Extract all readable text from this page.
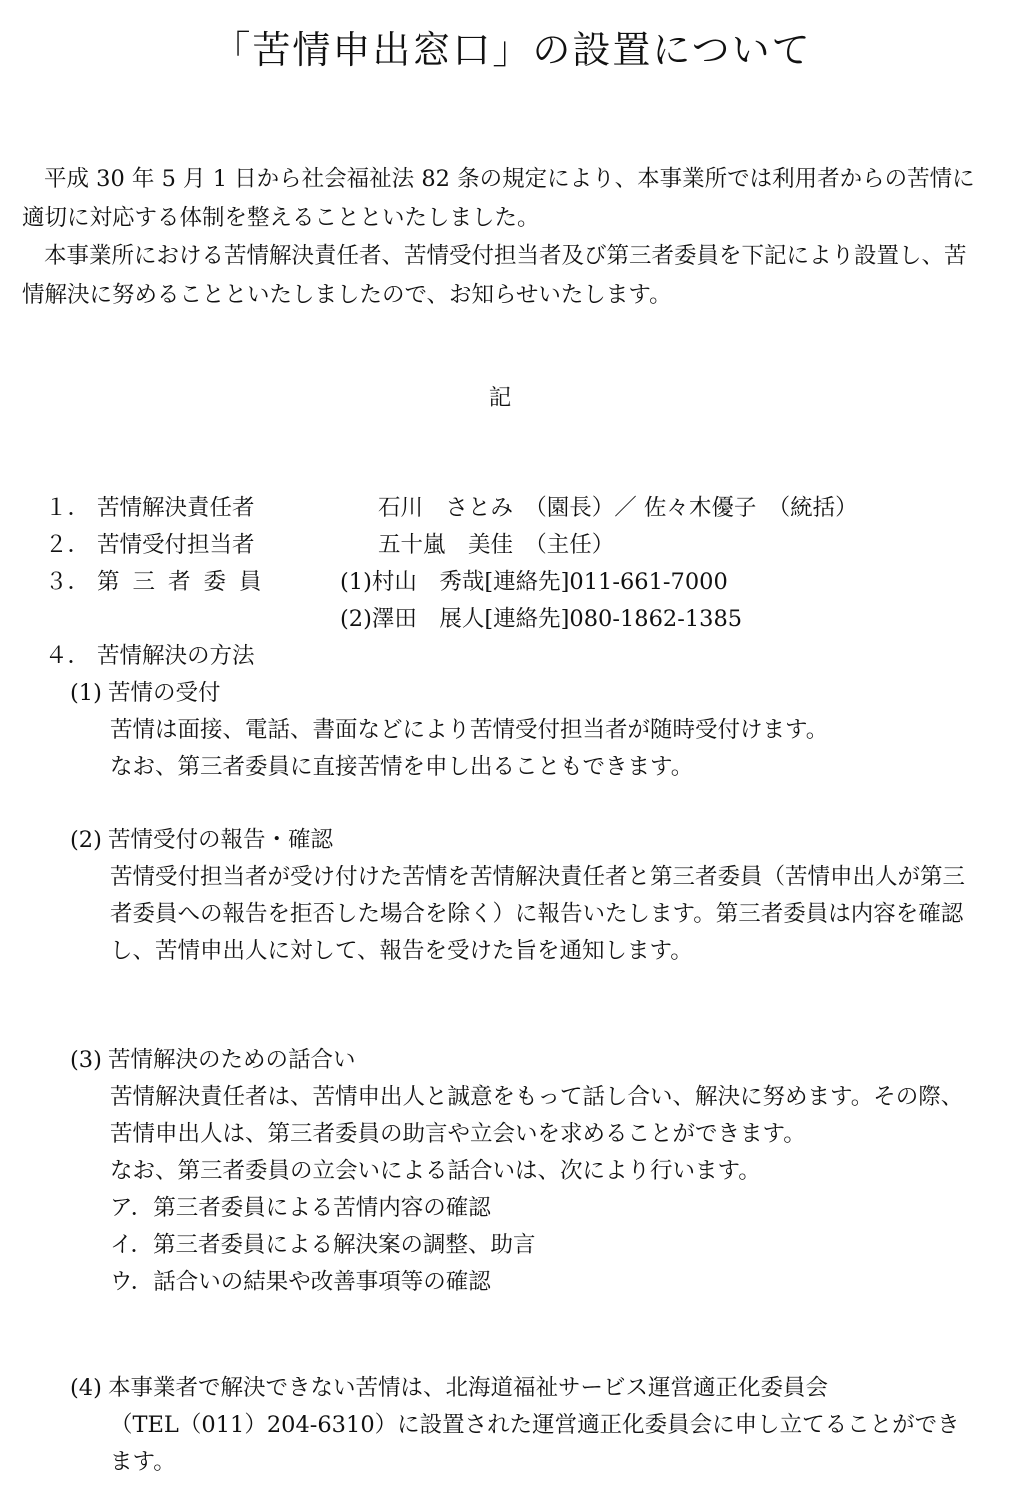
「苦情申出窓口」の設置について

平成 30 年 5 月 1 日から社会福祉法 82 条の規定により、本事業所では利用者からの苦情に適切に対応する体制を整えることといたしました。

本事業所における苦情解決責任者、苦情受付担当者及び第三者委員を下記により設置し、苦情解決に努めることといたしましたので、お知らせいたします。

記
１． 苦情解決責任者	石川　さとみ　（園長）／ 佐々木優子　（統括）
２． 苦情受付担当者	五十嵐　美佳　（主任）
３． 第三者委員	(1)村山　秀哉[連絡先]011-661-7000
(2)澤田　展人[連絡先]080-1862-1385
４． 苦情解決の方法
(1) 苦情の受付
苦情は面接、電話、書面などにより苦情受付担当者が随時受付けます。
なお、第三者委員に直接苦情を申し出ることもできます。
(2) 苦情受付の報告・確認
苦情受付担当者が受け付けた苦情を苦情解決責任者と第三者委員（苦情申出人が第三者委員への報告を拒否した場合を除く）に報告いたします。第三者委員は内容を確認し、苦情申出人に対して、報告を受けた旨を通知します。
(3) 苦情解決のための話合い
苦情解決責任者は、苦情申出人と誠意をもって話し合い、解決に努めます。その際、苦情申出人は、第三者委員の助言や立会いを求めることができます。
なお、第三者委員の立会いによる話合いは、次により行います。
ア．第三者委員による苦情内容の確認
イ．第三者委員による解決案の調整、助言
ウ．話合いの結果や改善事項等の確認
(4) 本事業者で解決できない苦情は、北海道福祉サービス運営適正化委員会
（TEL（011）204-6310）に設置された運営適正化委員会に申し立てることができます。
